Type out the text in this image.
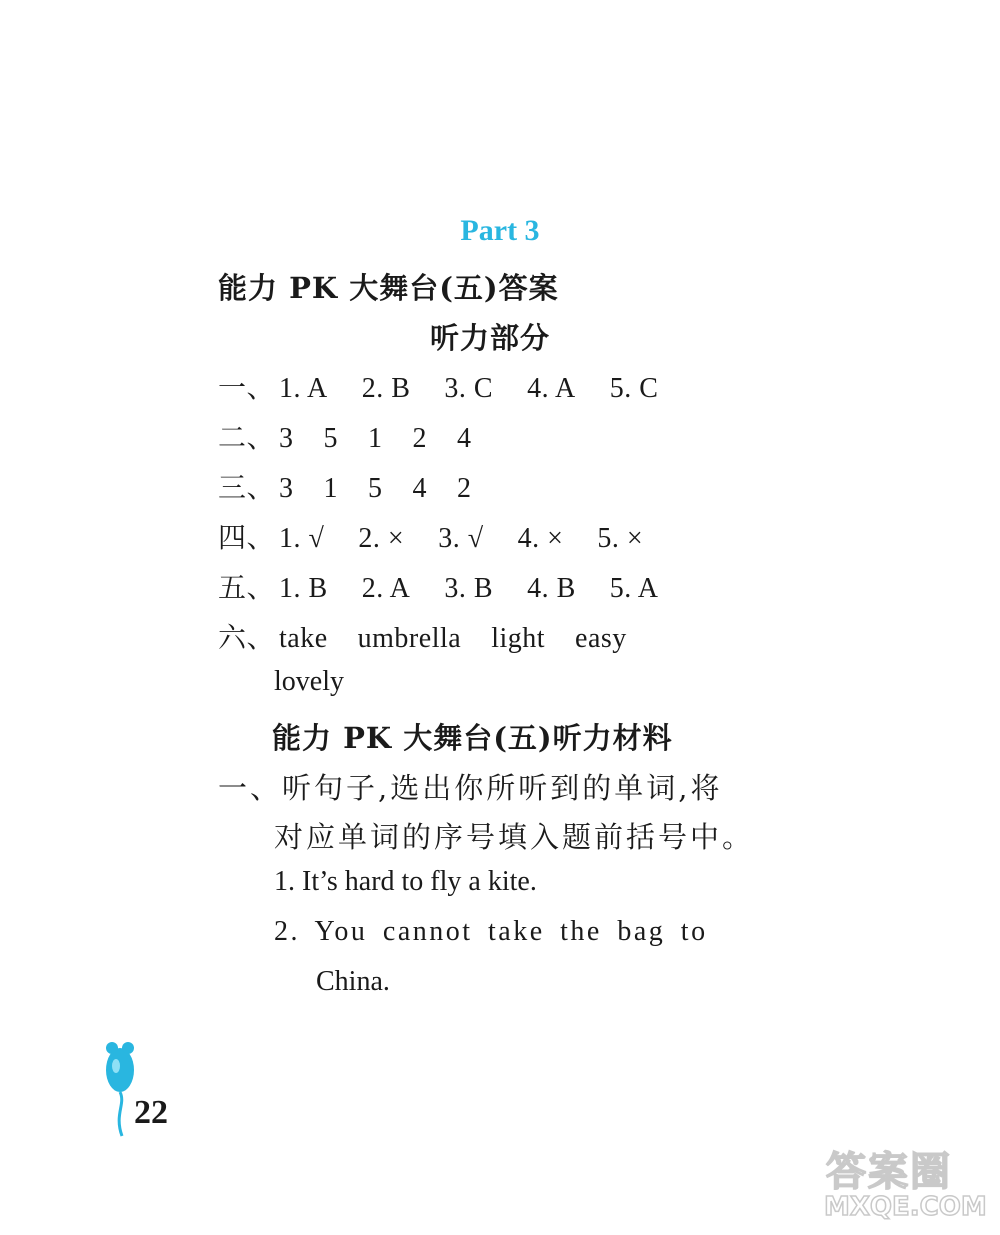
Part 3
能力 PK 大舞台(五)答案
听力部分
一、 1. A 2. B 3. C 4. A 5. C
二、 3 5 1 2 4
三、 3 1 5 4 2
四、 1. √ 2. × 3. √ 4. × 5. ×
五、 1. B 2. A 3. B 4. B 5. A
六、 take umbrella light easy
lovely
能力 PK 大舞台(五)听力材料
一、听句子,选出你所听到的单词,将
对应单词的序号填入题前括号中。
1. It’s hard to fly a kite.
2. You cannot take the bag to
China.
22
答案圈
MXQE.COM
